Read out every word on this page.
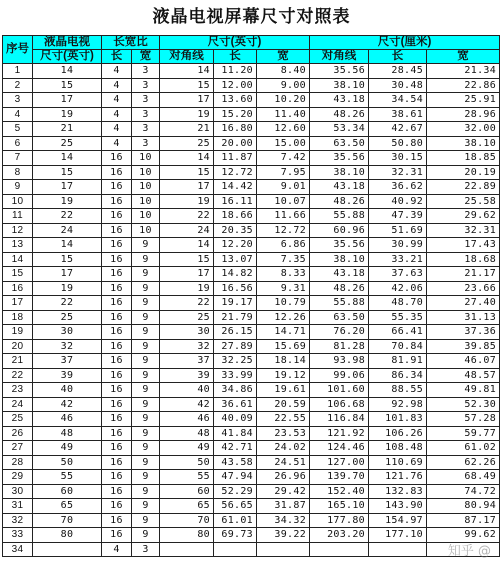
液晶电视屏幕尺寸对照表
序号	液晶电视	长宽比		尺寸(英寸)			尺寸(厘米)		
	尺寸(英寸)	长	宽	对角线	长	宽	对角线	长	宽
1	14	4	3	14	11.20	8.40	35.56	28.45	21.34
2	15	4	3	15	12.00	9.00	38.10	30.48	22.86
3	17	4	3	17	13.60	10.20	43.18	34.54	25.91
4	19	4	3	19	15.20	11.40	48.26	38.61	28.96
5	21	4	3	21	16.80	12.60	53.34	42.67	32.00
6	25	4	3	25	20.00	15.00	63.50	50.80	38.10
7	14	16	10	14	11.87	7.42	35.56	30.15	18.85
8	15	16	10	15	12.72	7.95	38.10	32.31	20.19
9	17	16	10	17	14.42	9.01	43.18	36.62	22.89
10	19	16	10	19	16.11	10.07	48.26	40.92	25.58
11	22	16	10	22	18.66	11.66	55.88	47.39	29.62
12	24	16	10	24	20.35	12.72	60.96	51.69	32.31
13	14	16	9	14	12.20	6.86	35.56	30.99	17.43
14	15	16	9	15	13.07	7.35	38.10	33.21	18.68
15	17	16	9	17	14.82	8.33	43.18	37.63	21.17
16	19	16	9	19	16.56	9.31	48.26	42.06	23.66
17	22	16	9	22	19.17	10.79	55.88	48.70	27.40
18	25	16	9	25	21.79	12.26	63.50	55.35	31.13
19	30	16	9	30	26.15	14.71	76.20	66.41	37.36
20	32	16	9	32	27.89	15.69	81.28	70.84	39.85
21	37	16	9	37	32.25	18.14	93.98	81.91	46.07
22	39	16	9	39	33.99	19.12	99.06	86.34	48.57
23	40	16	9	40	34.86	19.61	101.60	88.55	49.81
24	42	16	9	42	36.61	20.59	106.68	92.98	52.30
25	46	16	9	46	40.09	22.55	116.84	101.83	57.28
26	48	16	9	48	41.84	23.53	121.92	106.26	59.77
27	49	16	9	49	42.71	24.02	124.46	108.48	61.02
28	50	16	9	50	43.58	24.51	127.00	110.69	62.26
29	55	16	9	55	47.94	26.96	139.70	121.76	68.49
30	60	16	9	60	52.29	29.42	152.40	132.83	74.72
31	65	16	9	65	56.65	31.87	165.10	143.90	80.94
32	70	16	9	70	61.01	34.32	177.80	154.97	87.17
33	80	16	9	80	69.73	39.22	203.20	177.10	99.62
34		4	3							知乎 @
